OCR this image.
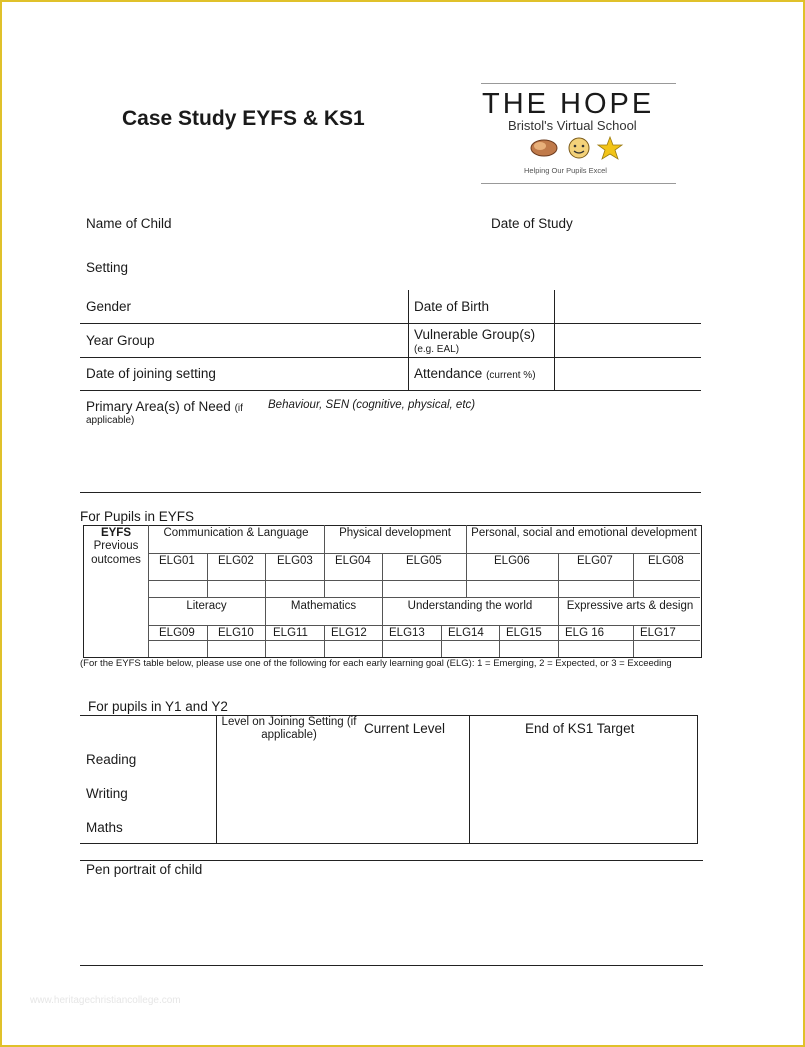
Case Study EYFS & KS1	THE HOPE
Bristol's Virtual School
Helping Our Pupils Excel
Name of Child	Date of Study
Setting
Gender	Date of Birth
Year Group	Vulnerable Group(s)
(e.g. EAL)
Date of joining setting	Attendance (current %)
Primary Area(s) of Need (if
applicable)
Behaviour, SEN (cognitive, physical, etc)
For Pupils in EYFS
EYFS
Previous
outcomes
Communication & Language	Physical development	Personal, social and emotional development
ELG01 ELG02 ELG03 ELG04	ELG05	ELG06	ELG07	ELG08
Literacy	Mathematics	Understanding the world	Expressive arts & design
ELG09 ELG10 ELG11 ELG12 ELG13 ELG14 ELG15 ELG 16	ELG17
(For the EYFS table below, please use one of the following for each early learning goal (ELG): 1 = Emerging, 2 = Expected, or 3 = Exceeding
For pupils in Y1 and Y2
Level on Joining Setting (if applicable)	Current Level	End of KS1 Target
Reading
Writing
Maths
Pen portrait of child
www.heritagechristiancollege.com
